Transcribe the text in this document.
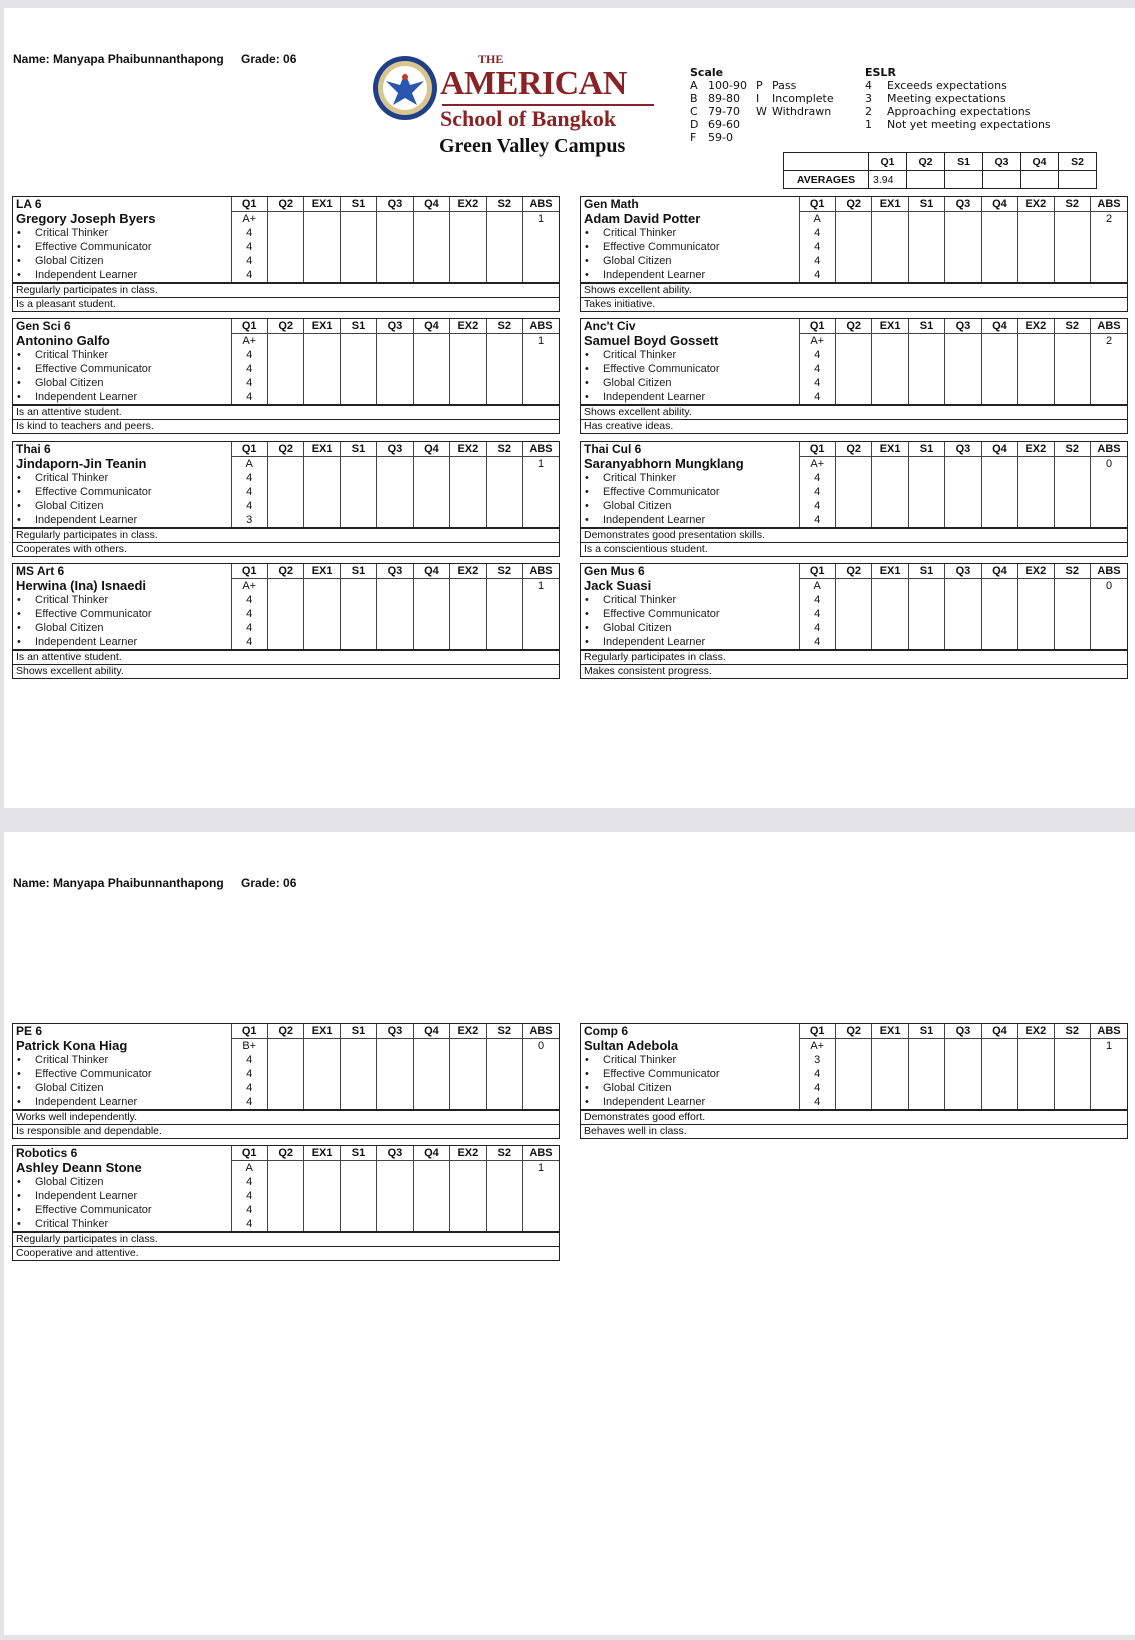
Name: Manyapa Phaibunnanthapong Grade: 06	THE
AMERICAN
School of Bangkok
Green Valley Campus
Scale
A 100-90 P Pass
B 89-80 I Incomplete
C 79-70 W Withdrawn
D 69-60
F 59-0
ESLR
4 Exceeds expectations
3 Meeting expectations
2 Approaching expectations
1 Not yet meeting expectations
	Q1	Q2	S1	Q3	Q4	S2
AVERAGES	3.94					
LA 6	Q1	Q2	EX1	S1	Q3	Q4	EX2	S2	ABS
Gregory Joseph Byers	A+								1
• Critical Thinker	4								
• Effective Communicator	4								
• Global Citizen	4								
• Independent Learner	4								
Regularly participates in class.
Is a pleasant student.
Gen Math	Q1	Q2	EX1	S1	Q3	Q4	EX2	S2	ABS
Adam David Potter	A								2
• Critical Thinker	4								
• Effective Communicator	4								
• Global Citizen	4								
• Independent Learner	4								
Shows excellent ability.
Takes initiative.
Gen Sci 6	Q1	Q2	EX1	S1	Q3	Q4	EX2	S2	ABS
Antonino Galfo	A+								1
• Critical Thinker	4								
• Effective Communicator	4								
• Global Citizen	4								
• Independent Learner	4								
Is an attentive student.
Is kind to teachers and peers.
Anc't Civ	Q1	Q2	EX1	S1	Q3	Q4	EX2	S2	ABS
Samuel Boyd Gossett	A+								2
• Critical Thinker	4								
• Effective Communicator	4								
• Global Citizen	4								
• Independent Learner	4								
Shows excellent ability.
Has creative ideas.
Thai 6	Q1	Q2	EX1	S1	Q3	Q4	EX2	S2	ABS
Jindaporn-Jin Teanin	A								1
• Critical Thinker	4								
• Effective Communicator	4								
• Global Citizen	4								
• Independent Learner	3								
Regularly participates in class.
Cooperates with others.
Thai Cul 6	Q1	Q2	EX1	S1	Q3	Q4	EX2	S2	ABS
Saranyabhorn Mungklang	A+								0
• Critical Thinker	4								
• Effective Communicator	4								
• Global Citizen	4								
• Independent Learner	4								
Demonstrates good presentation skills.
Is a conscientious student.
MS Art 6	Q1	Q2	EX1	S1	Q3	Q4	EX2	S2	ABS
Herwina (Ina) Isnaedi	A+								1
• Critical Thinker	4								
• Effective Communicator	4								
• Global Citizen	4								
• Independent Learner	4								
Is an attentive student.
Shows excellent ability.
Gen Mus 6	Q1	Q2	EX1	S1	Q3	Q4	EX2	S2	ABS
Jack Suasi	A								0
• Critical Thinker	4								
• Effective Communicator	4								
• Global Citizen	4								
• Independent Learner	4								
Regularly participates in class.
Makes consistent progress.
Name: Manyapa Phaibunnanthapong Grade: 06
PE 6	Q1	Q2	EX1	S1	Q3	Q4	EX2	S2	ABS
Patrick Kona Hiag	B+								0
• Critical Thinker	4								
• Effective Communicator	4								
• Global Citizen	4								
• Independent Learner	4								
Works well independently.
Is responsible and dependable.
Comp 6	Q1	Q2	EX1	S1	Q3	Q4	EX2	S2	ABS
Sultan Adebola	A+								1
• Critical Thinker	3								
• Effective Communicator	4								
• Global Citizen	4								
• Independent Learner	4								
Demonstrates good effort.
Behaves well in class.
Robotics 6	Q1	Q2	EX1	S1	Q3	Q4	EX2	S2	ABS
Ashley Deann Stone	A								1
• Global Citizen	4								
• Independent Learner	4								
• Effective Communicator	4								
• Critical Thinker	4								
Regularly participates in class.
Cooperative and attentive.
